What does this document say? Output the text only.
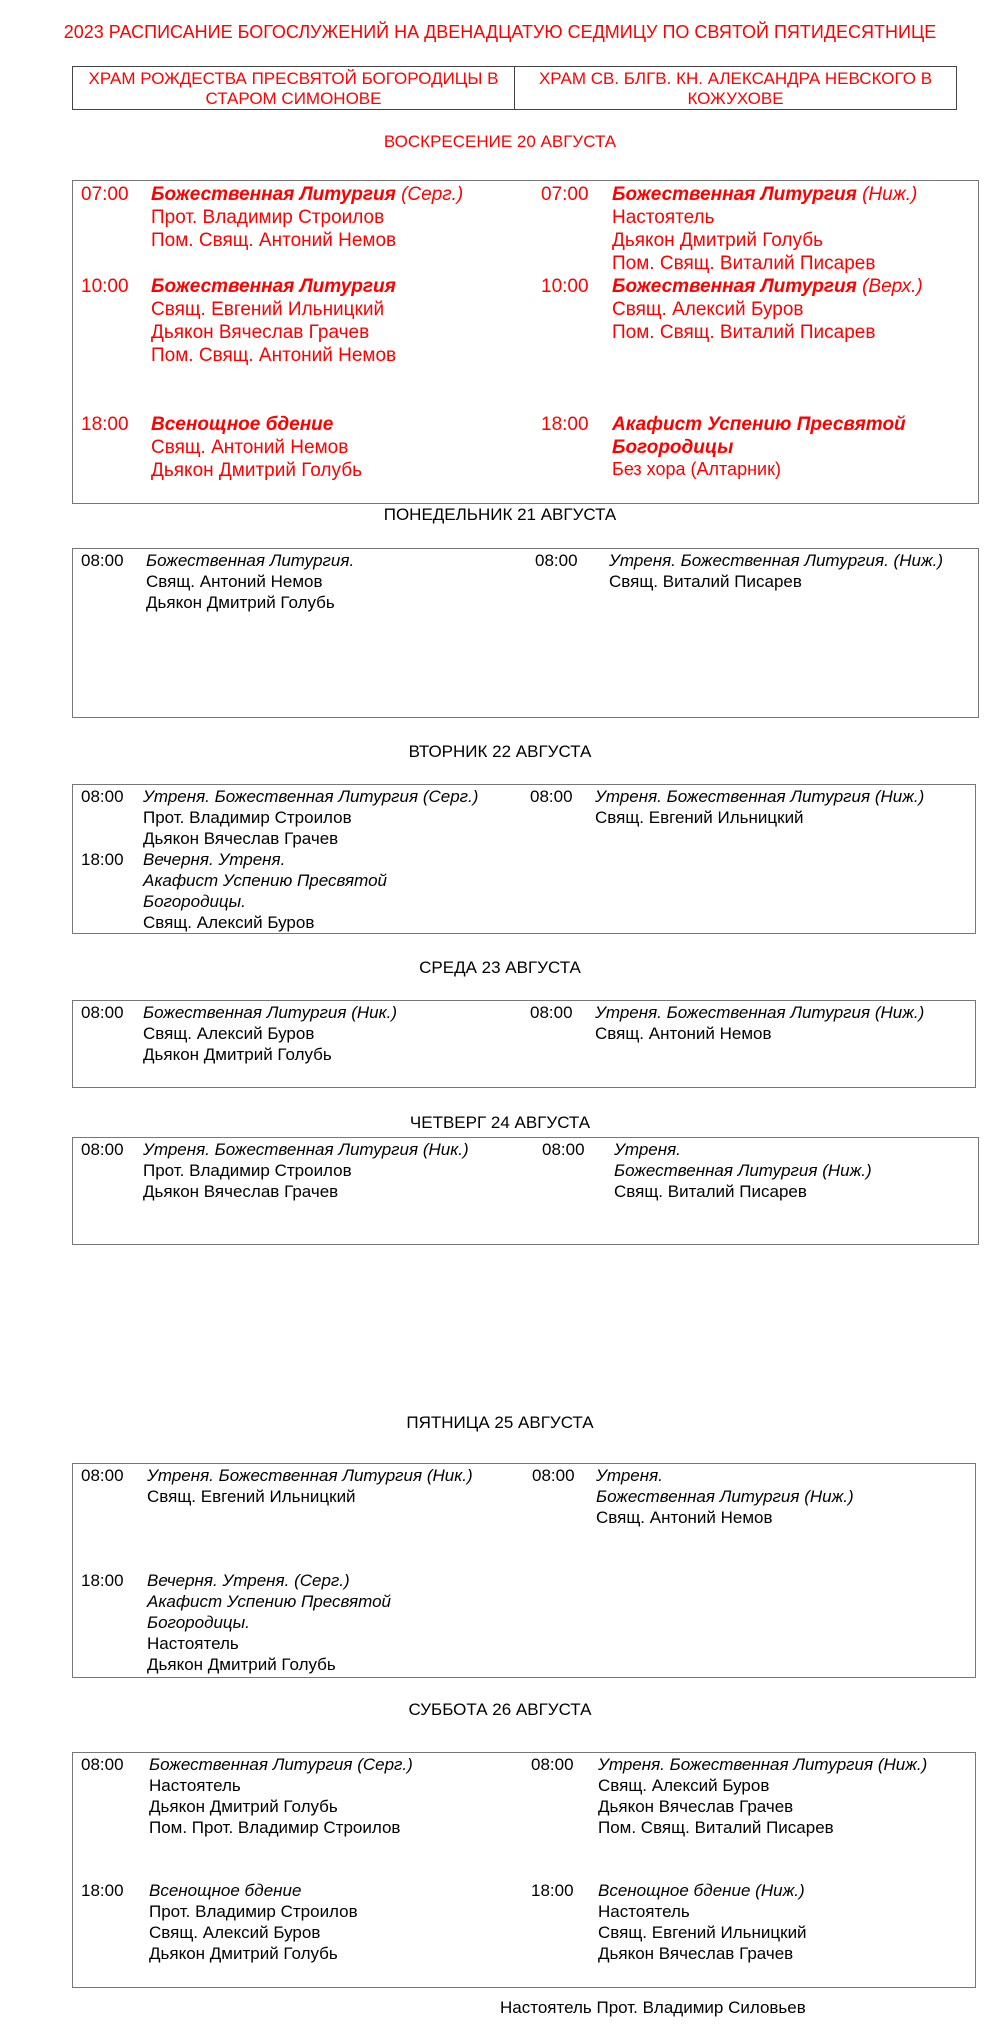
2023 РАСПИСАНИЕ БОГОСЛУЖЕНИЙ НА ДВЕНАДЦАТУЮ СЕДМИЦУ ПО СВЯТОЙ ПЯТИДЕСЯТНИЦЕ
ХРАМ РОЖДЕСТВА ПРЕСВЯТОЙ БОГОРОДИЦЫ В СТАРОМ СИМОНОВЕ
ХРАМ СВ. БЛГВ. КН. АЛЕКСАНДРА НЕВСКОГО В КОЖУХОВЕ
ВОСКРЕСЕНИЕ 20 АВГУСТА
07:00 Божественная Литургия (Серг.)
Прот. Владимир Строилов
Пом. Свящ. Антоний Немов
10:00 Божественная Литургия
Свящ. Евгений Ильницкий
Дьякон Вячеслав Грачев
Пом. Свящ. Антоний Немов
18:00 Всенощное бдение
Свящ. Антоний Немов
Дьякон Дмитрий Голубь
07:00 Божественная Литургия (Ниж.)
Настоятель
Дьякон Дмитрий Голубь
Пом. Свящ. Виталий Писарев
10:00 Божественная Литургия (Верх.)
Свящ. Алексий Буров
Пом. Свящ. Виталий Писарев
18:00 Акафист Успению Пресвятой Богородицы
Без хора (Алтарник)
ПОНЕДЕЛЬНИК 21 АВГУСТА
08:00 Божественная Литургия.
Свящ. Антоний Немов
Дьякон Дмитрий Голубь
08:00 Утреня. Божественная Литургия. (Ниж.)
Свящ. Виталий Писарев
ВТОРНИК 22 АВГУСТА
08:00 Утреня. Божественная Литургия (Серг.)
Прот. Владимир Строилов
Дьякон Вячеслав Грачев
18:00 Вечерня. Утреня.
Акафист Успению Пресвятой
Богородицы.
Свящ. Алексий Буров
08:00 Утреня. Божественная Литургия (Ниж.)
Свящ. Евгений Ильницкий
СРЕДА 23 АВГУСТА
08:00 Божественная Литургия (Ник.)
Свящ. Алексий Буров
Дьякон Дмитрий Голубь
08:00 Утреня. Божественная Литургия (Ниж.)
Свящ. Антоний Немов
ЧЕТВЕРГ 24 АВГУСТА
08:00 Утреня. Божественная Литургия (Ник.)
Прот. Владимир Строилов
Дьякон Вячеслав Грачев
08:00 Утреня.
Божественная Литургия (Ниж.)
Свящ. Виталий Писарев
ПЯТНИЦА 25 АВГУСТА
08:00 Утреня. Божественная Литургия (Ник.)
Свящ. Евгений Ильницкий
18:00 Вечерня. Утреня. (Серг.)
Акафист Успению Пресвятой
Богородицы.
Настоятель
Дьякон Дмитрий Голубь
08:00 Утреня.
Божественная Литургия (Ниж.)
Свящ. Антоний Немов
СУББОТА 26 АВГУСТА
08:00 Божественная Литургия (Серг.)
Настоятель
Дьякон Дмитрий Голубь
Пом. Прот. Владимир Строилов
18:00 Всенощное бдение
Прот. Владимир Строилов
Свящ. Алексий Буров
Дьякон Дмитрий Голубь
08:00 Утреня. Божественная Литургия (Ниж.)
Свящ. Алексий Буров
Дьякон Вячеслав Грачев
Пом. Свящ. Виталий Писарев
18:00 Всенощное бдение (Ниж.)
Настоятель
Свящ. Евгений Ильницкий
Дьякон Вячеслав Грачев
Настоятель Прот. Владимир Силовьев
